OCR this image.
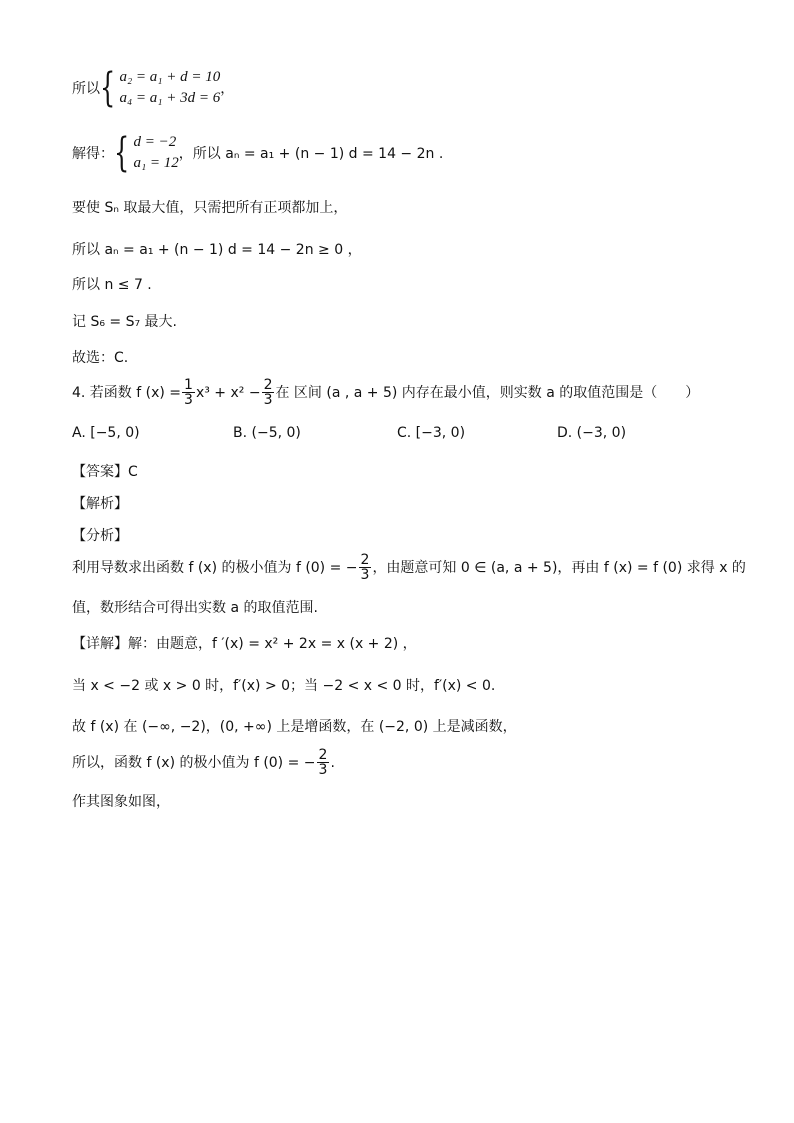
所以 { a₂ = a₁ + d = 10
a₄ = a₁ + 3d = 6
，
解得： { d = −2
a₁ = 12
，所以 aₙ = a₁ + (n − 1) d = 14 − 2n .
要使 Sₙ 取最大值，只需把所有正项都加上，
所以 aₙ = a₁ + (n − 1) d = 14 − 2n ≥ 0 ，
所以 n ≤ 7 .
记 S₆ = S₇ 最大.
故选：C.
4. 若函数 f $(x) = \frac{1}{3} x^3 + x^2 - \frac{2}{3}$ 在 区间 (a , a + 5) 内存在最小值，则实数 a 的取值范围是（　　）
A. [−5, 0)	B. (−5, 0)	C. [−3, 0)	D. (−3, 0)
【答案】C
【解析】
【分析】
利用导数求出函数 f (x) 的极小值为 f (0) = − $\frac{2}{3}$ ，由题意可知 0 ∈ (a, a + 5)，再由 f (x) = f (0) 求得 x 的
值，数形结合可得出实数 a 的取值范围.
【详解】解：由题意，f ′(x) = x² + 2x = x (x + 2) ，
当 x < −2 或 x > 0 时，f′(x) > 0；当 −2 < x < 0 时，f′(x) < 0.
故 f (x) 在 (−∞, −2)，(0, +∞) 上是增函数，在 (−2, 0) 上是减函数，
所以，函数 f (x) 的极小值为 f (0) = − $\frac{2}{3}$ .
作其图象如图，
